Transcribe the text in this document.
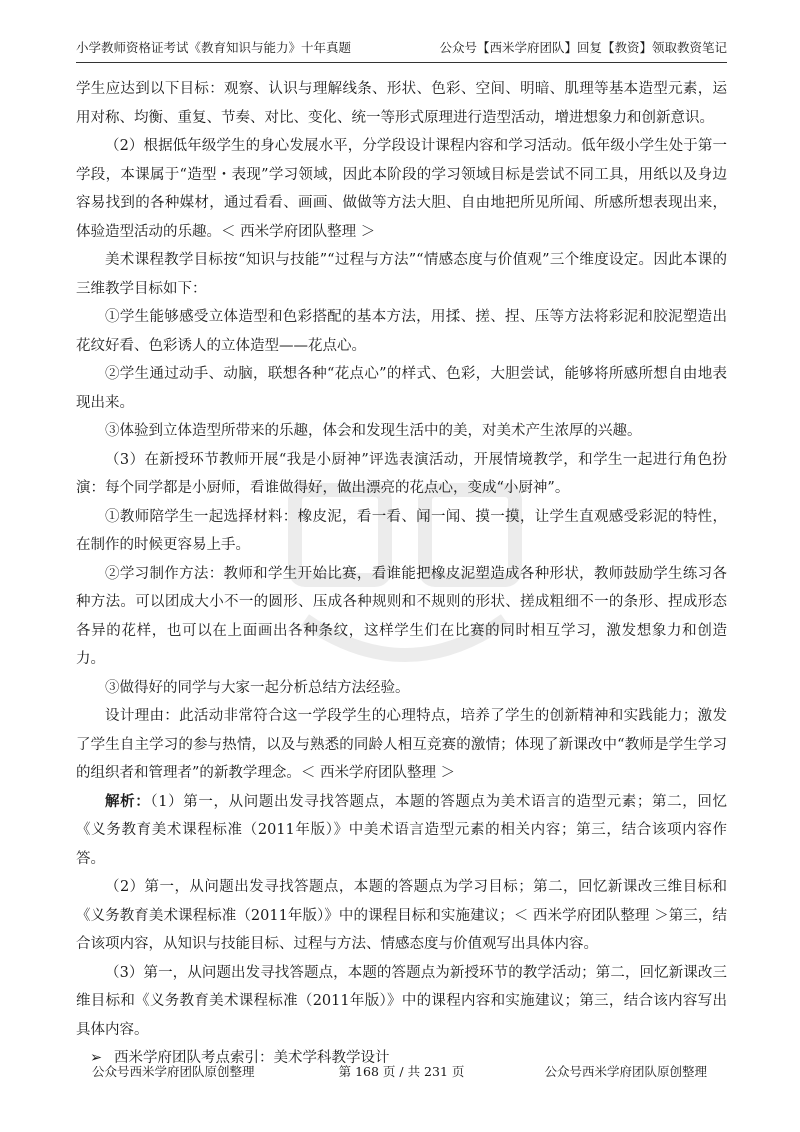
小学教师资格证考试《教育知识与能力》十年真题	公众号【西米学府团队】回复【教资】领取教资笔记

学生应达到以下目标：观察、认识与理解线条、形状、色彩、空间、明暗、肌理等基本造型元素，运用对称、均衡、重复、节奏、对比、变化、统一等形式原理进行造型活动，增进想象力和创新意识。

（2）根据低年级学生的身心发展水平，分学段设计课程内容和学习活动。低年级小学生处于第一学段，本课属于“造型・表现”学习领域，因此本阶段的学习领域目标是尝试不同工具，用纸以及身边容易找到的各种媒材，通过看看、画画、做做等方法大胆、自由地把所见所闻、所感所想表现出来，体验造型活动的乐趣。＜ 西米学府团队整理 ＞

美术课程教学目标按“知识与技能”“过程与方法”“情感态度与价值观”三个维度设定。因此本课的三维教学目标如下：

①学生能够感受立体造型和色彩搭配的基本方法，用揉、搓、捏、压等方法将彩泥和胶泥塑造出花纹好看、色彩诱人的立体造型——花点心。

②学生通过动手、动脑，联想各种“花点心”的样式、色彩，大胆尝试，能够将所感所想自由地表现出来。

③体验到立体造型所带来的乐趣，体会和发现生活中的美，对美术产生浓厚的兴趣。

（3）在新授环节教师开展“我是小厨神”评选表演活动，开展情境教学，和学生一起进行角色扮演：每个同学都是小厨师，看谁做得好，做出漂亮的花点心，变成“小厨神”。

①教师陪学生一起选择材料：橡皮泥，看一看、闻一闻、摸一摸，让学生直观感受彩泥的特性，在制作的时候更容易上手。

②学习制作方法：教师和学生开始比赛，看谁能把橡皮泥塑造成各种形状，教师鼓励学生练习各种方法。可以团成大小不一的圆形、压成各种规则和不规则的形状、搓成粗细不一的条形、捏成形态各异的花样，也可以在上面画出各种条纹，这样学生们在比赛的同时相互学习，激发想象力和创造力。

③做得好的同学与大家一起分析总结方法经验。

设计理由：此活动非常符合这一学段学生的心理特点，培养了学生的创新精神和实践能力；激发了学生自主学习的参与热情，以及与熟悉的同龄人相互竞赛的激情；体现了新课改中“教师是学生学习的组织者和管理者”的新教学理念。＜ 西米学府团队整理 ＞

解析：（1）第一，从问题出发寻找答题点，本题的答题点为美术语言的造型元素；第二，回忆《义务教育美术课程标准（2011年版）》中美术语言造型元素的相关内容；第三，结合该项内容作答。

（2）第一，从问题出发寻找答题点，本题的答题点为学习目标；第二，回忆新课改三维目标和《义务教育美术课程标准（2011年版）》中的课程目标和实施建议；＜ 西米学府团队整理 ＞第三，结合该项内容，从知识与技能目标、过程与方法、情感态度与价值观写出具体内容。

（3）第一，从问题出发寻找答题点，本题的答题点为新授环节的教学活动；第二，回忆新课改三维目标和《义务教育美术课程标准（2011年版）》中的课程内容和实施建议；第三，结合该内容写出具体内容。

➢ 西米学府团队考点索引：美术学科教学设计

公众号西米学府团队原创整理	第 168 页 / 共 231 页	公众号西米学府团队原创整理
